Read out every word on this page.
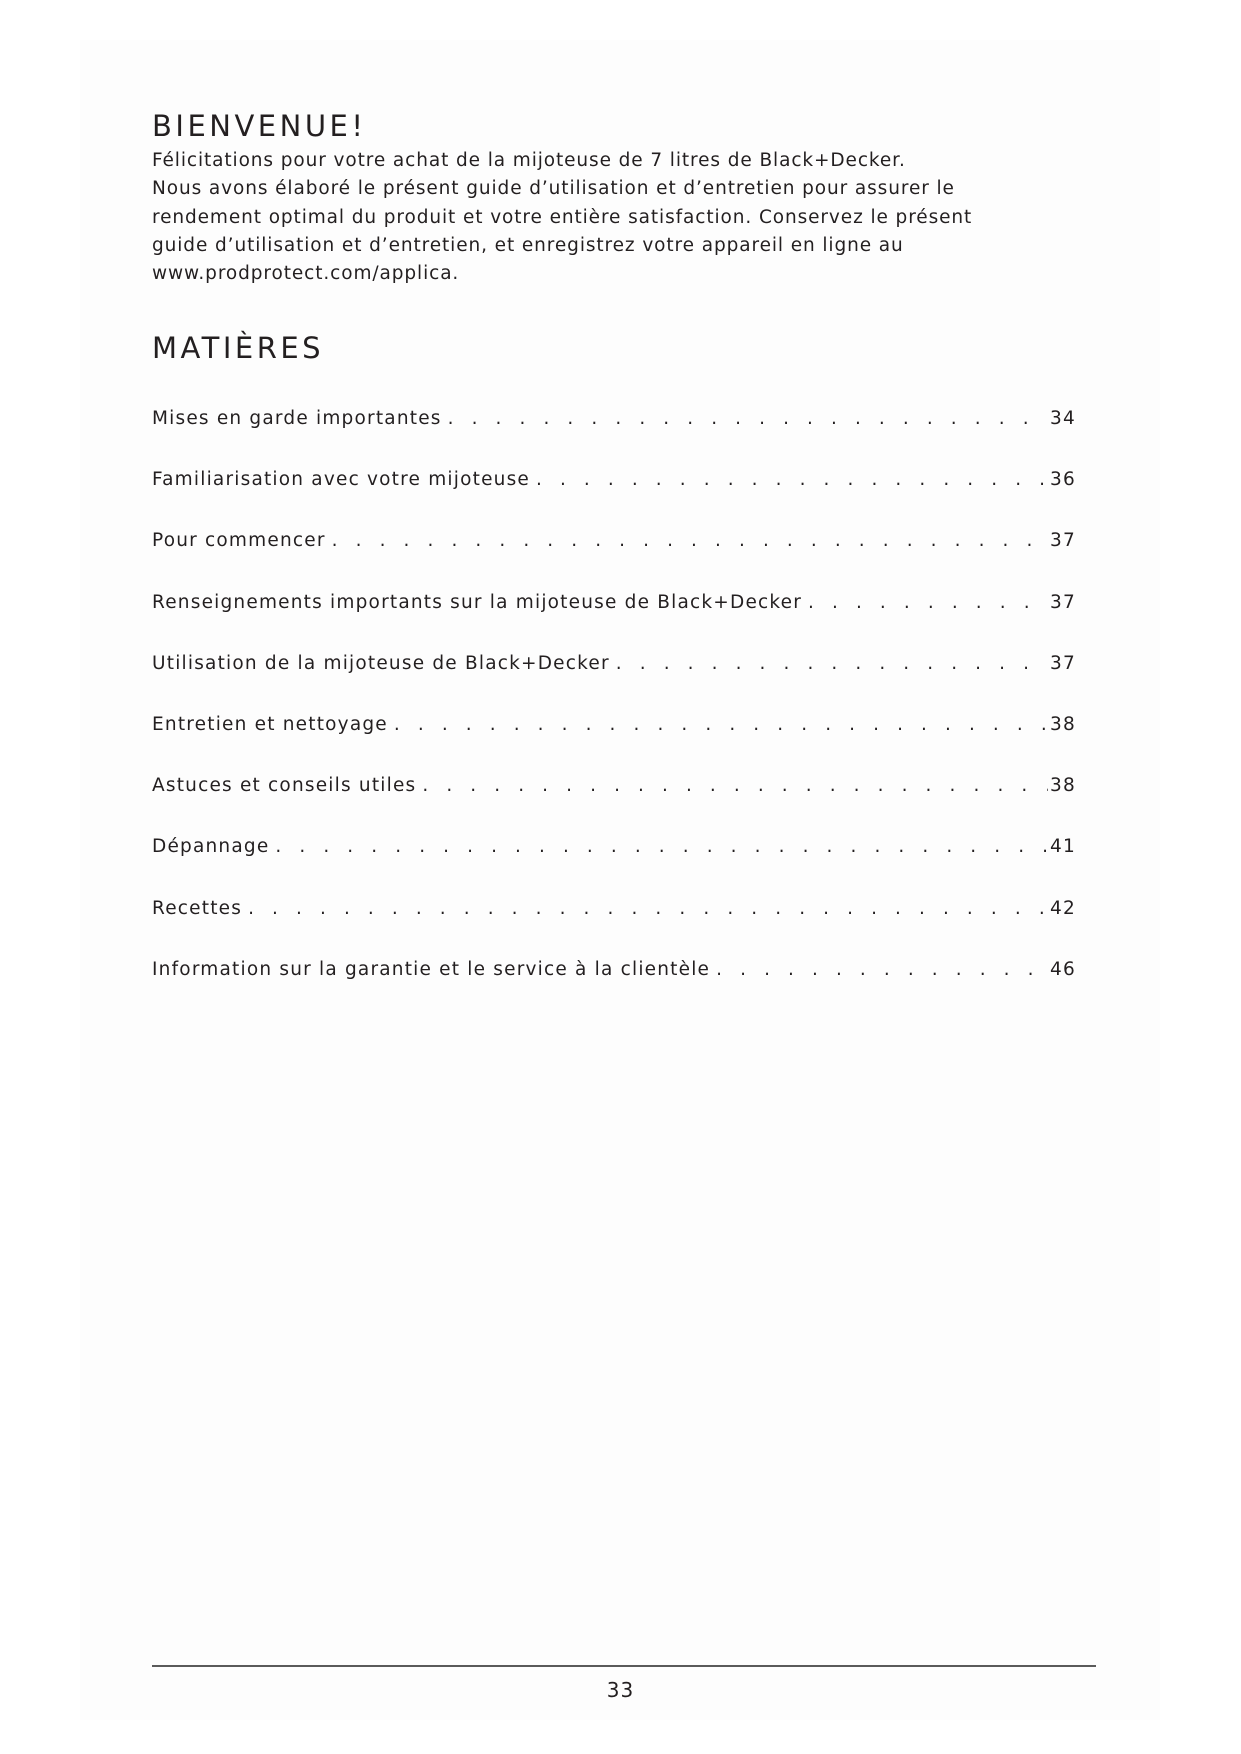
BIENVENUE!
Félicitations pour votre achat de la mijoteuse de 7 litres de Black+Decker.
Nous avons élaboré le présent guide d’utilisation et d’entretien pour assurer le
rendement optimal du produit et votre entière satisfaction. Conservez le présent
guide d’utilisation et d’entretien, et enregistrez votre appareil en ligne au
www.prodprotect.com/applica.
MATIÈRES
Mises en garde importantes . . .	34
Familiarisation avec votre mijoteuse . . .	36
Pour commencer . . .	37
Renseignements importants sur la mijoteuse de Black+Decker . . .	37
Utilisation de la mijoteuse de Black+Decker . . .	37
Entretien et nettoyage . . .	38
Astuces et conseils utiles . . .	38
Dépannage . . .	41
Recettes . . .	42
Information sur la garantie et le service à la clientèle . . .	46
33
